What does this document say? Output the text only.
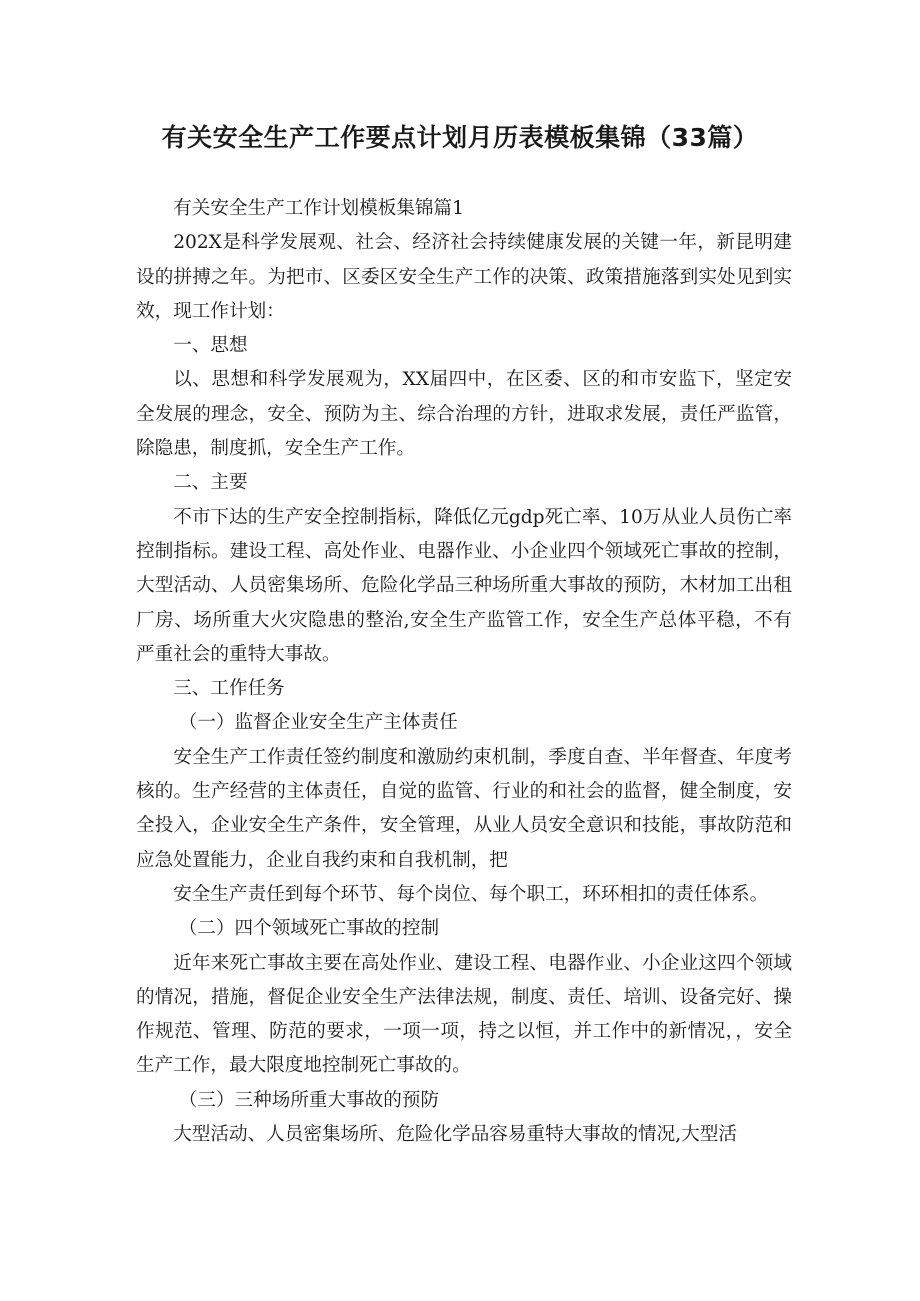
有关安全生产工作要点计划月历表模板集锦（33篇）

有关安全生产工作计划模板集锦篇1

202X是科学发展观、社会、经济社会持续健康发展的关键一年，新昆明建设的拼搏之年。为把市、区委区安全生产工作的决策、政策措施落到实处见到实效，现工作计划：

一、思想

以、思想和科学发展观为，XX届四中，在区委、区的和市安监下，坚定安全发展的理念，安全、预防为主、综合治理的方针，进取求发展，责任严监管，除隐患，制度抓，安全生产工作。

二、主要

不市下达的生产安全控制指标，降低亿元gdp死亡率、10万从业人员伤亡率控制指标。建设工程、高处作业、电器作业、小企业四个领域死亡事故的控制，大型活动、人员密集场所、危险化学品三种场所重大事故的预防，木材加工出租厂房、场所重大火灾隐患的整治,安全生产监管工作，安全生产总体平稳，不有严重社会的重特大事故。

三、工作任务

（一）监督企业安全生产主体责任

安全生产工作责任签约制度和激励约束机制，季度自查、半年督查、年度考核的。生产经营的主体责任，自觉的监管、行业的和社会的监督，健全制度，安全投入，企业安全生产条件，安全管理，从业人员安全意识和技能，事故防范和应急处置能力，企业自我约束和自我机制，把

安全生产责任到每个环节、每个岗位、每个职工，环环相扣的责任体系。

（二）四个领域死亡事故的控制

近年来死亡事故主要在高处作业、建设工程、电器作业、小企业这四个领域的情况，措施，督促企业安全生产法律法规，制度、责任、培训、设备完好、操作规范、管理、防范的要求，一项一项，持之以恒，并工作中的新情况，，安全生产工作，最大限度地控制死亡事故的。

（三）三种场所重大事故的预防

大型活动、人员密集场所、危险化学品容易重特大事故的情况,大型活
